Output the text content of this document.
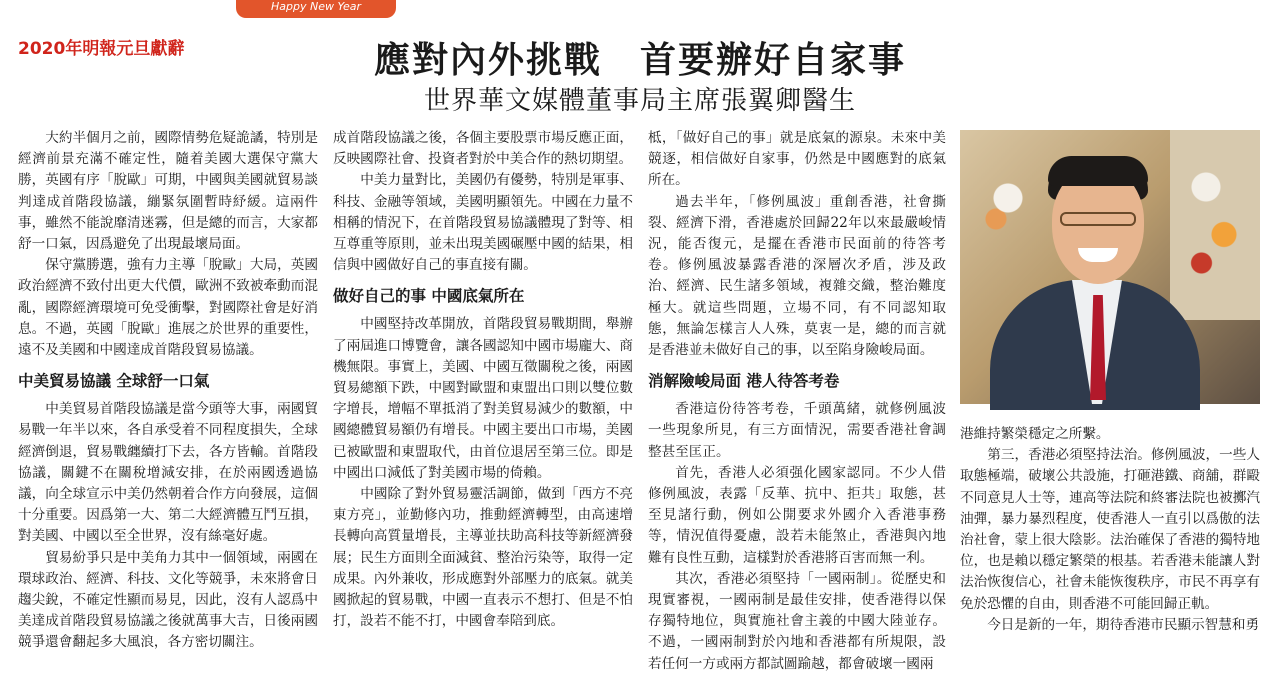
Happy New Year
2020年明報元旦獻辭	應對內外挑戰　首要辦好自家事
世界華文媒體董事局主席張翼卿醫生

大約半個月之前，國際情勢危疑詭譎，特別是經濟前景充滿不確定性，隨着美國大選保守黨大勝，英國有序「脫歐」可期，中國與美國就貿易談判達成首階段協議，繃緊氛圍暫時紓緩。這兩件事，雖然不能說靡清迷霧，但是總的而言，大家都舒一口氣，因爲避免了出現最壞局面。

保守黨勝選，強有力主導「脫歐」大局，英國政治經濟不致付出更大代價，歐洲不致被牽動而混亂，國際經濟環境可免受衝擊，對國際社會是好消息。不過，英國「脫歐」進展之於世界的重要性，遠不及美國和中國達成首階段貿易協議。

中美貿易協議 全球舒一口氣

中美貿易首階段協議是當今頭等大事，兩國貿易戰一年半以來，各自承受着不同程度損失，全球經濟倒退，貿易戰纏續打下去，各方皆輸。首階段協議，關鍵不在關稅增減安排，在於兩國透過協議，向全球宣示中美仍然朝着合作方向發展，這個十分重要。因爲第一大、第二大經濟體互鬥互損，對美國、中國以至全世界，沒有絲毫好處。

貿易紛爭只是中美角力其中一個領域，兩國在環球政治、經濟、科技、文化等競爭，未來將會日趨尖銳，不確定性顯而易見，因此，沒有人認爲中美達成首階段貿易協議之後就萬事大吉，日後兩國競爭還會翻起多大風浪，各方密切關注。

成首階段協議之後，各個主要股票市場反應正面，反映國際社會、投資者對於中美合作的熱切期望。

中美力量對比，美國仍有優勢，特別是軍事、科技、金融等領域，美國明顯領先。中國在力量不相稱的情況下，在首階段貿易協議體現了對等、相互尊重等原則，並未出現美國碾壓中國的結果，相信與中國做好自己的事直接有關。

做好自己的事 中國底氣所在

中國堅持改革開放，首階段貿易戰期間，舉辦了兩屆進口博覽會，讓各國認知中國市場龐大、商機無限。事實上，美國、中國互徵關稅之後，兩國貿易總額下跌，中國對歐盟和東盟出口則以雙位數字增長，增幅不單抵消了對美貿易減少的數額，中國總體貿易額仍有增長。中國主要出口市場，美國已被歐盟和東盟取代，由首位退居至第三位。即是中國出口減低了對美國市場的倚賴。

中國除了對外貿易靈活調節，做到「西方不亮東方亮」，並勤修內功，推動經濟轉型，由高速增長轉向高質量增長，主導並扶助高科技等新經濟發展；民生方面則全面減貧、整治污染等，取得一定成果。內外兼收，形成應對外部壓力的底氣。就美國掀起的貿易戰，中國一直表示不想打、但是不怕打，設若不能不打，中國會奉陪到底。

柢，「做好自己的事」就是底氣的源泉。未來中美競逐，相信做好自家事，仍然是中國應對的底氣所在。

過去半年，「修例風波」重創香港，社會撕裂、經濟下滑，香港處於回歸22年以來最嚴峻情況，能否復元，是擺在香港市民面前的待答考卷。修例風波暴露香港的深層次矛盾，涉及政治、經濟、民生諸多領域，複雜交織，整治難度極大。就這些問題，立場不同，有不同認知取態，無論怎樣言人人殊，莫衷一是，總的而言就是香港並未做好自己的事，以至陷身險峻局面。

消解險峻局面 港人待答考卷

香港這份待答考卷，千頭萬緒，就修例風波一些現象所見，有三方面情況，需要香港社會調整甚至匡正。

首先，香港人必須强化國家認同。不少人借修例風波，表露「反華、抗中、拒共」取態，甚至見諸行動，例如公開要求外國介入香港事務等，情況值得憂慮，設若未能煞止，香港與內地難有良性互動，這樣對於香港將百害而無一利。

其次，香港必須堅持「一國兩制」。從歷史和現實審視，一國兩制是最佳安排，使香港得以保存獨特地位，與實施社會主義的中國大陸並存。不過，一國兩制對於內地和香港都有所規限，設若任何一方或兩方都試圖踰越，都會破壞一國兩

港維持繁榮穩定之所繫。

第三，香港必須堅持法治。修例風波，一些人取態極端，破壞公共設施，打砸港鐵、商舖，群毆不同意見人士等，連高等法院和終審法院也被擲汽油彈，暴力暴烈程度，使香港人一直引以爲傲的法治社會，蒙上很大陰影。法治確保了香港的獨特地位，也是賴以穩定繁榮的根基。若香港未能讓人對法治恢復信心，社會未能恢復秩序，市民不再享有免於恐懼的自由，則香港不可能回歸正軌。

今日是新的一年，期待香港市民顯示智慧和勇
